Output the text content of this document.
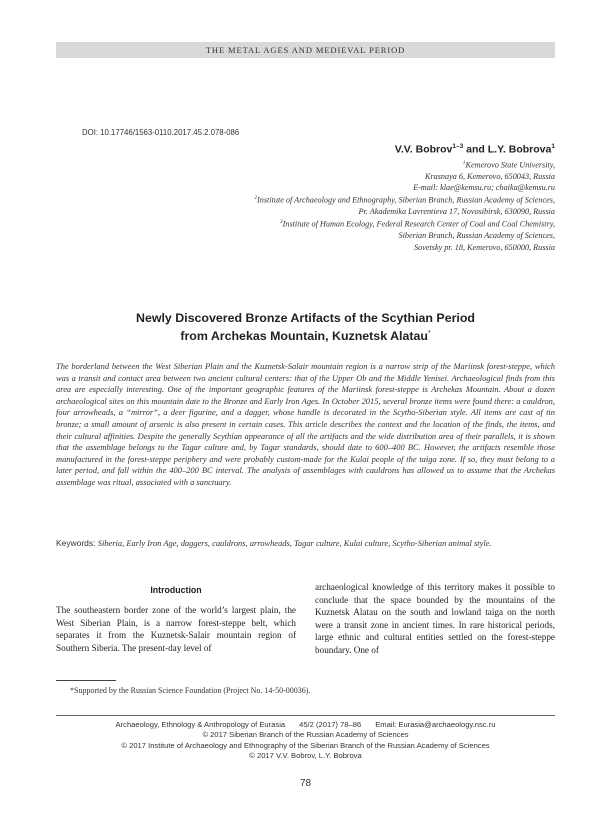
THE METAL AGES AND MEDIEVAL PERIOD
DOI: 10.17746/1563-0110.2017.45.2.078-086
V.V. Bobrov$^{1-3}$ and L.Y. Bobrova$^1$
$^1$Kemerovo State University,
Krasnaya 6, Kemerovo, 650043, Russia
E-mail: klae@kemsu.ru; chaika@kemsu.ru
$^2$Institute of Archaeology and Ethnography, Siberian Branch, Russian Academy of Sciences,
Pr. Akademika Lavrentieva 17, Novosibirsk, 630090, Russia
$^3$Institute of Human Ecology, Federal Research Center of Coal and Coal Chemistry,
Siberian Branch, Russian Academy of Sciences,
Sovetsky pr. 18, Kemerovo, 650000, Russia
Newly Discovered Bronze Artifacts of the Scythian Period
from Archekas Mountain, Kuznetsk Alatau*
The borderland between the West Siberian Plain and the Kuznetsk-Salair mountain region is a narrow strip of the Mariinsk forest-steppe, which was a transit and contact area between two ancient cultural centers: that of the Upper Ob and the Middle Yenisei. Archaeological finds from this area are especially interesting. One of the important geographic features of the Mariinsk forest-steppe is Archekas Mountain. About a dozen archaeological sites on this mountain date to the Bronze and Early Iron Ages. In October 2015, several bronze items were found there: a cauldron, four arrowheads, a “mirror”, a deer figurine, and a dagger, whose handle is decorated in the Scytho-Siberian style. All items are cast of tin bronze; a small amount of arsenic is also present in certain cases. This article describes the context and the location of the finds, the items, and their cultural affinities. Despite the generally Scythian appearance of all the artifacts and the wide distribution area of their parallels, it is shown that the assemblage belongs to the Tagar culture and, by Tagar standards, should date to 600–400 BC. However, the artifacts resemble those manufactured in the forest-steppe periphery and were probably custom-made for the Kulai people of the taiga zone. If so, they must belong to a later period, and fall within the 400–200 BC interval. The analysis of assemblages with cauldrons has allowed us to assume that the Archekas assemblage was ritual, associated with a sanctuary.
Keywords: Siberia, Early Iron Age, daggers, cauldrons, arrowheads, Tagar culture, Kulai culture, Scytho-Siberian animal style.
Introduction
The southeastern border zone of the world’s largest plain, the West Siberian Plain, is a narrow forest-steppe belt, which separates it from the Kuznetsk-Salair mountain region of Southern Siberia. The present-day level of
archaeological knowledge of this territory makes it possible to conclude that the space bounded by the mountains of the Kuznetsk Alatau on the south and lowland taiga on the north were a transit zone in ancient times. In rare historical periods, large ethnic and cultural entities settled on the forest-steppe boundary. One of
*Supported by the Russian Science Foundation (Project No. 14-50-00036).
Archaeology, Ethnology & Anthropology of Eurasia 45/2 (2017) 78–86 Email: Eurasia@archaeology.nsc.ru
© 2017 Siberian Branch of the Russian Academy of Sciences
© 2017 Institute of Archaeology and Ethnography of the Siberian Branch of the Russian Academy of Sciences
© 2017 V.V. Bobrov, L.Y. Bobrova
78
